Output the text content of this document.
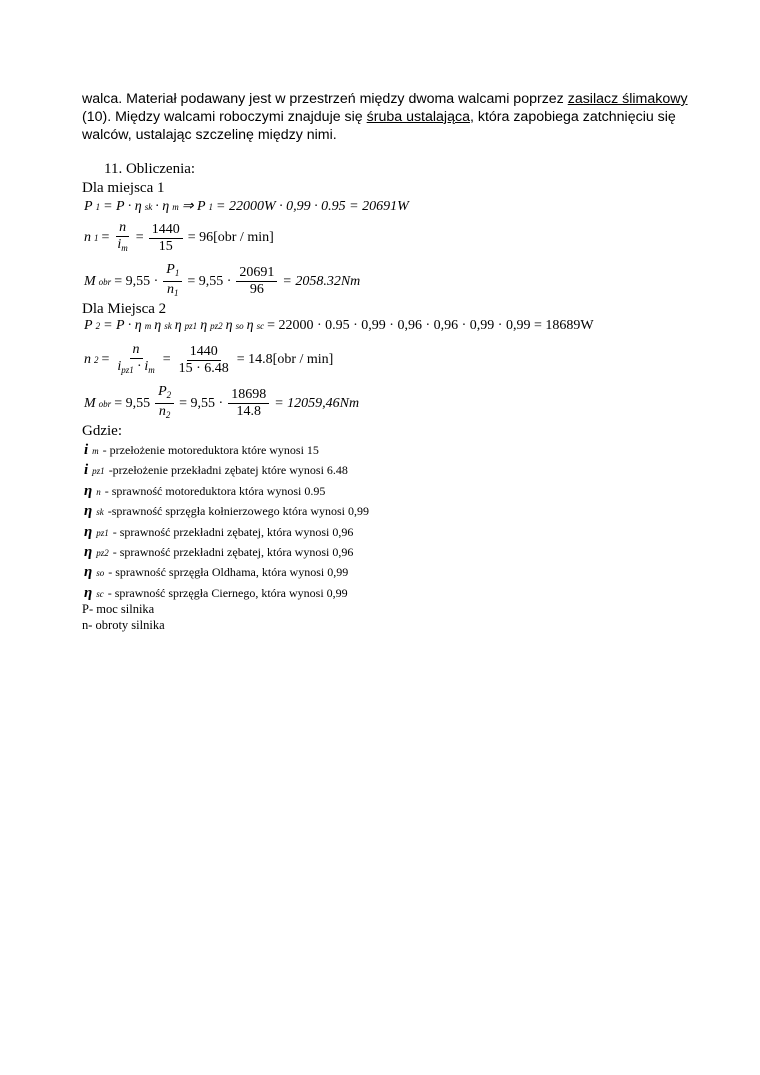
walca. Materiał podawany jest w przestrzeń między dwoma walcami poprzez zasilacz ślimakowy (10). Między walcami roboczymi znajduje się śruba ustalająca, która zapobiega zatchnięciu się walców, ustalając szczelinę między nimi.
11. Obliczenia:
Dla miejsca 1
P 1 = P · η sk · η m ⇒ P 1 = 22000W · 0,99 · 0.95 = 20691W
n $1 = \frac{n}{i_m} = \frac{1440}{15} = 96[obr / \min]$
M obr = $9,55 \cdot \frac{P_1}{n_1} = 9,55 \cdot \frac{20691}{96} = 2058.32Nm$
Dla Miejsca 2
P 2 = P · η m η sk η pz1 η pz2 η so η sc = 22000 · 0.95 · 0,99 · 0,96 · 0,96 · 0,99 · 0,99 = 18689W
n $2 = \frac{n}{i_{pz1} \cdot i_m} = \frac{1440}{15 \cdot 6.48} = 14.8[obr / \min]$
M obr = $9,55 \frac{P_2}{n_2} = 9,55 \cdot \frac{18698}{14.8} = 12059,46Nm$
Gdzie:
i m - przełożenie motoreduktora które wynosi 15
i pz1 -przełożenie przekładni zębatej które wynosi 6.48
η n - sprawność motoreduktora która wynosi 0.95
η sk -sprawność sprzęgła kołnierzowego która wynosi 0,99
η pz1 - sprawność przekładni zębatej, która wynosi 0,96
η pz2 - sprawność przekładni zębatej, która wynosi 0,96
η so - sprawność sprzęgła Oldhama, która wynosi 0,99
η sc - sprawność sprzęgła Ciernego, która wynosi 0,99
P- moc silnika
n- obroty silnika
